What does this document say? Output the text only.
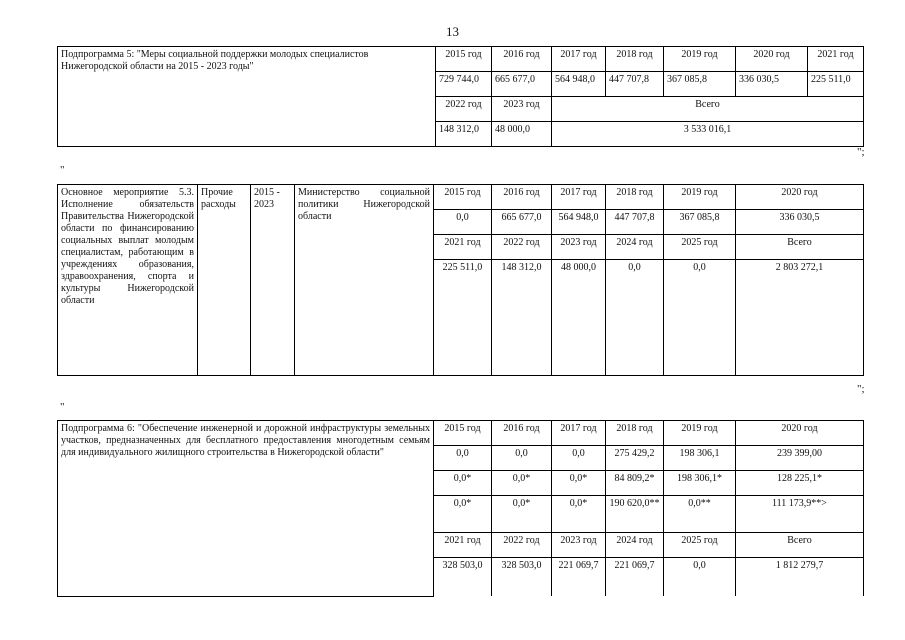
13
Подпрограмма 5: "Меры социальной поддержки молодых специалистов Нижегородской области на 2015 - 2023 годы"	2015 год	2016 год	2017 год	2018 год	2019 год	2020 год	2021 год
	729 744,0	665 677,0	564 948,0	447 707,8	367 085,8	336 030,5	225 511,0
	2022 год	2023 год	Всего				
	148 312,0	48 000,0	3 533 016,1				
";
"
Основное мероприятие 5.3. Исполнение обязательств Правительства Нижегородской области по финансированию социальных выплат молодым специалистам, работающим в учреждениях образования, здравоохранения, спорта и культуры Нижегородской области	Прочие расходы	2015 - 2023	Министерство социальной политики Нижегородской области	2015 год	2016 год	2017 год	2018 год	2019 год	2020 год
				0,0	665 677,0	564 948,0	447 707,8	367 085,8	336 030,5
				2021 год	2022 год	2023 год	2024 год	2025 год	Всего
				225 511,0	148 312,0	48 000,0	0,0	0,0	2 803 272,1
";
"
Подпрограмма 6: "Обеспечение инженерной и дорожной инфраструктуры земельных участков, предназначенных для бесплатного предоставления многодетным семьям для индивидуального жилищного строительства в Нижегородской области"	2015 год	2016 год	2017 год	2018 год	2019 год	2020 год
	0,0	0,0	0,0	275 429,2	198 306,1	239 399,00
	0,0*	0,0*	0,0*	84 809,2*	198 306,1*	128 225,1*
	0,0*	0,0*	0,0*	190 620,0**	0,0**	111 173,9**>
	2021 год	2022 год	2023 год	2024 год	2025 год	Всего
	328 503,0	328 503,0	221 069,7	221 069,7	0,0	1 812 279,7
